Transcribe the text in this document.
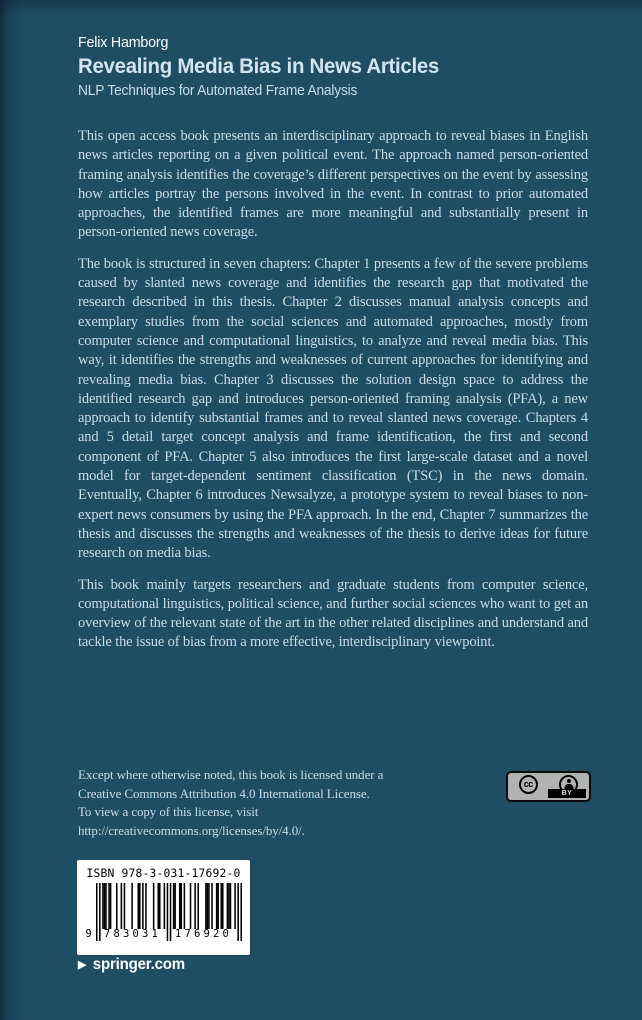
Felix Hamborg
Revealing Media Bias in News Articles
NLP Techniques for Automated Frame Analysis

This open access book presents an interdisciplinary approach to reveal biases in English news articles reporting on a given political event. The approach named person-oriented framing analysis identifies the coverage’s different perspectives on the event by assessing how articles portray the persons involved in the event. In contrast to prior automated approaches, the identified frames are more meaningful and substantially present in person-oriented news coverage.

The book is structured in seven chapters: Chapter 1 presents a few of the severe problems caused by slanted news coverage and identifies the research gap that motivated the research described in this thesis. Chapter 2 discusses manual analysis concepts and exemplary studies from the social sciences and automated approaches, mostly from computer science and computational linguistics, to analyze and reveal media bias. This way, it identifies the strengths and weaknesses of current approaches for identifying and revealing media bias. Chapter 3 discusses the solution design space to address the identified research gap and introduces person-oriented framing analysis (PFA), a new approach to identify substantial frames and to reveal slanted news coverage. Chapters 4 and 5 detail target concept analysis and frame identification, the first and second component of PFA. Chapter 5 also introduces the first large-scale dataset and a novel model for target-dependent sentiment classification (TSC) in the news domain. Eventually, Chapter 6 introduces Newsalyze, a prototype system to reveal biases to non-expert news consumers by using the PFA approach. In the end, Chapter 7 summarizes the thesis and discusses the strengths and weaknesses of the thesis to derive ideas for future research on media bias.

This book mainly targets researchers and graduate students from computer science, computational linguistics, political science, and further social sciences who want to get an overview of the relevant state of the art in the other related disciplines and understand and tackle the issue of bias from a more effective, interdisciplinary viewpoint.

Except where otherwise noted, this book is licensed under a
Creative Commons Attribution 4.0 International License.
To view a copy of this license, visit
http://creativecommons.org/licenses/by/4.0/.
cc
BY
ISBN 978-3-031-17692-0
9	783031	176920
▶ springer.com
